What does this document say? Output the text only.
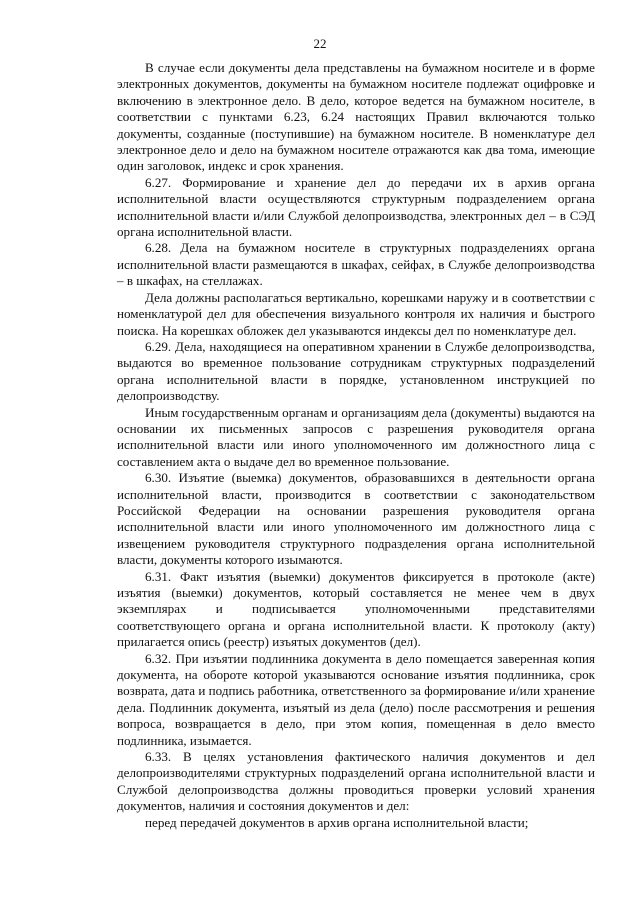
22

В случае если документы дела представлены на бумажном носителе и в форме электронных документов, документы на бумажном носителе подлежат оцифровке и включению в электронное дело. В дело, которое ведется на бумажном носителе, в соответствии с пунктами 6.23, 6.24 настоящих Правил включаются только документы, созданные (поступившие) на бумажном носителе. В номенклатуре дел электронное дело и дело на бумажном носителе отражаются как два тома, имеющие один заголовок, индекс и срок хранения.

6.27. Формирование и хранение дел до передачи их в архив органа исполнительной власти осуществляются структурным подразделением органа исполнительной власти и/или Службой делопроизводства, электронных дел – в СЭД органа исполнительной власти.

6.28. Дела на бумажном носителе в структурных подразделениях органа исполнительной власти размещаются в шкафах, сейфах, в Службе делопроизводства – в шкафах, на стеллажах.

Дела должны располагаться вертикально, корешками наружу и в соответствии с номенклатурой дел для обеспечения визуального контроля их наличия и быстрого поиска. На корешках обложек дел указываются индексы дел по номенклатуре дел.

6.29. Дела, находящиеся на оперативном хранении в Службе делопроизводства, выдаются во временное пользование сотрудникам структурных подразделений органа исполнительной власти в порядке, установленном инструкцией по делопроизводству.

Иным государственным органам и организациям дела (документы) выдаются на основании их письменных запросов с разрешения руководителя органа исполнительной власти или иного уполномоченного им должностного лица с составлением акта о выдаче дел во временное пользование.

6.30. Изъятие (выемка) документов, образовавшихся в деятельности органа исполнительной власти, производится в соответствии с законодательством Российской Федерации на основании разрешения руководителя органа исполнительной власти или иного уполномоченного им должностного лица с извещением руководителя структурного подразделения органа исполнительной власти, документы которого изымаются.

6.31. Факт изъятия (выемки) документов фиксируется в протоколе (акте) изъятия (выемки) документов, который составляется не менее чем в двух экземплярах и подписывается уполномоченными представителями соответствующего органа и органа исполнительной власти. К протоколу (акту) прилагается опись (реестр) изъятых документов (дел).

6.32. При изъятии подлинника документа в дело помещается заверенная копия документа, на обороте которой указываются основание изъятия подлинника, срок возврата, дата и подпись работника, ответственного за формирование и/или хранение дела. Подлинник документа, изъятый из дела (дело) после рассмотрения и решения вопроса, возвращается в дело, при этом копия, помещенная в дело вместо подлинника, изымается.

6.33. В целях установления фактического наличия документов и дел делопроизводителями структурных подразделений органа исполнительной власти и Службой делопроизводства должны проводиться проверки условий хранения документов, наличия и состояния документов и дел:

перед передачей документов в архив органа исполнительной власти;
